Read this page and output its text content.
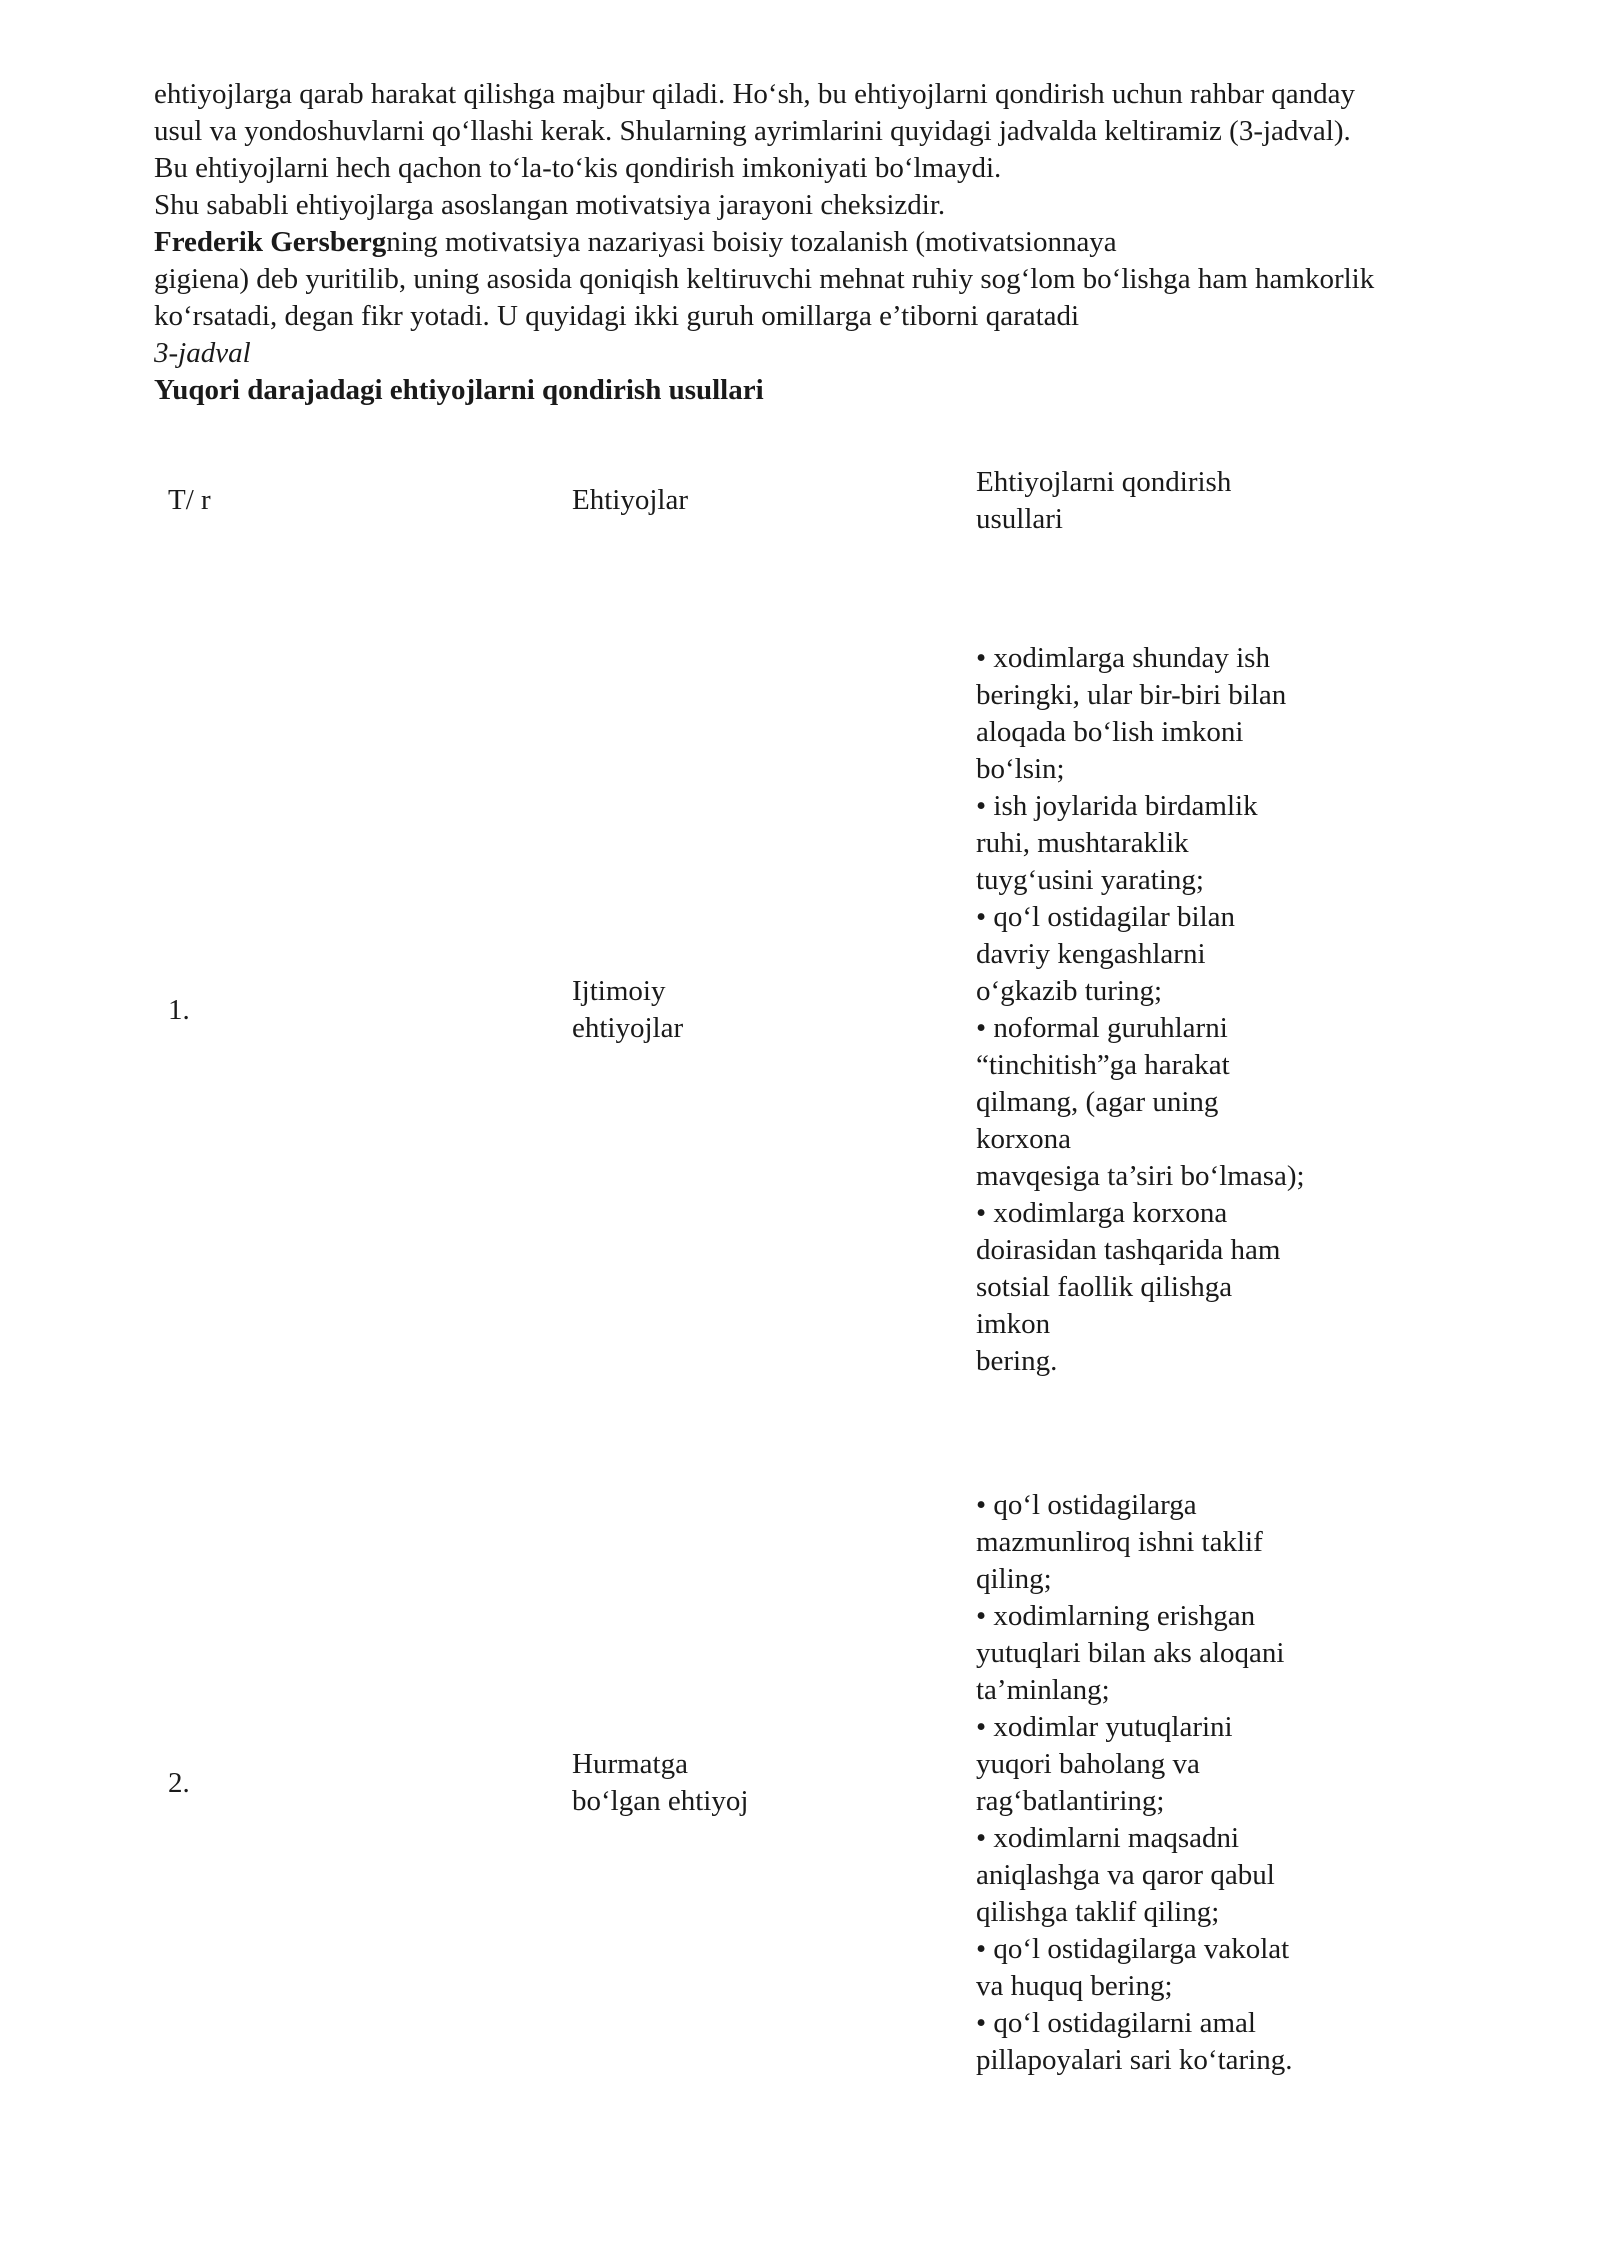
ehtiyojlarga qarab harakat qilishga majbur qiladi. Ho‘sh, bu ehtiyojlarni qondirish uchun rahbar qanday
usul va yondoshuvlarni qo‘llashi kerak. Shularning ayrimlarini quyidagi jadvalda keltiramiz (3-jadval).
Bu ehtiyojlarni hech qachon to‘la-to‘kis qondirish imkoniyati bo‘lmaydi.
Shu sababli ehtiyojlarga asoslangan motivatsiya jarayoni cheksizdir.
Frederik Gersbergning motivatsiya nazariyasi boisiy tozalanish (motivatsionnaya
gigiena) deb yuritilib, uning asosida qoniqish keltiruvchi mehnat ruhiy sog‘lom bo‘lishga ham hamkorlik
ko‘rsatadi, degan fikr yotadi. U quyidagi ikki guruh omillarga e’tiborni qaratadi
3-jadval
Yuqori darajadagi ehtiyojlarni qondirish usullari
T/ r	Ehtiyojlar
Ehtiyojlarni qondirish
usullari
1.
Ijtimoiy
ehtiyojlar
• xodimlarga shunday ish
beringki, ular bir-biri bilan
aloqada bo‘lish imkoni
bo‘lsin;
• ish joylarida birdamlik
ruhi, mushtaraklik
tuyg‘usini yarating;
• qo‘l ostidagilar bilan
davriy kengashlarni
o‘gkazib turing;
• noformal guruhlarni
“tinchitish”ga harakat
qilmang, (agar uning
korxona
mavqesiga ta’siri bo‘lmasa);
• xodimlarga korxona
doirasidan tashqarida ham
sotsial faollik qilishga
imkon
bering.
2.
Hurmatga
bo‘lgan ehtiyoj
• qo‘l ostidagilarga
mazmunliroq ishni taklif
qiling;
• xodimlarning erishgan
yutuqlari bilan aks aloqani
ta’minlang;
• xodimlar yutuqlarini
yuqori baholang va
rag‘batlantiring;
• xodimlarni maqsadni
aniqlashga va qaror qabul
qilishga taklif qiling;
• qo‘l ostidagilarga vakolat
va huquq bering;
• qo‘l ostidagilarni amal
pillapoyalari sari ko‘taring.
